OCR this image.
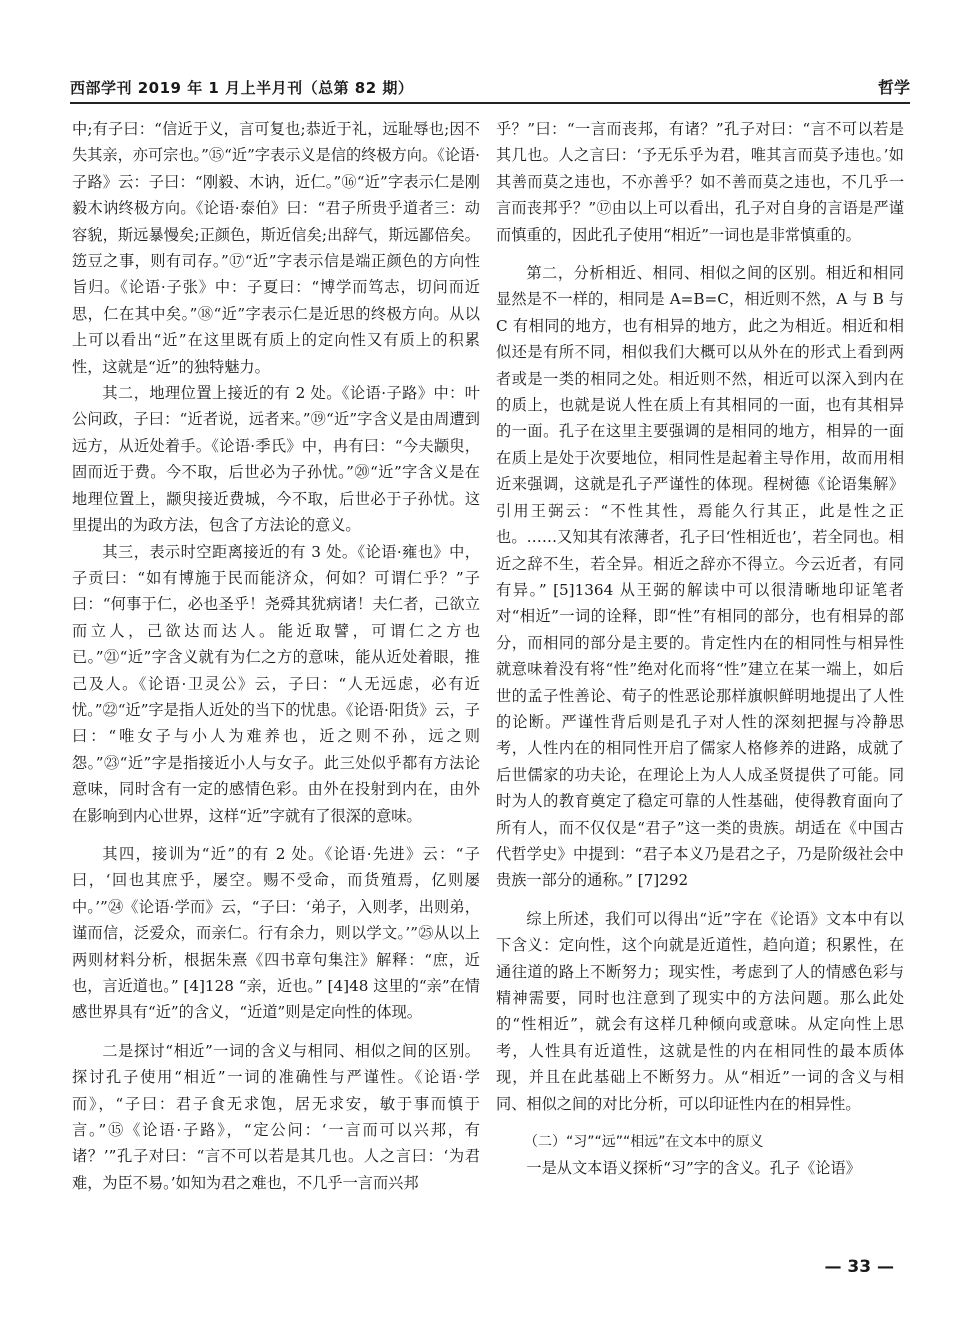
西部学刊 2019 年 1 月上半月刊（总第 82 期）	哲学

中;有子曰：“信近于义，言可复也;恭近于礼，远耻辱也;因不失其亲，亦可宗也。”⑮“近”字表示义是信的终极方向。《论语·子路》云：子曰：“刚毅、木讷，近仁。”⑯“近”字表示仁是刚毅木讷终极方向。《论语·泰伯》曰：“君子所贵乎道者三：动容貌，斯远暴慢矣;正颜色，斯近信矣;出辞气，斯远鄙倍矣。笾豆之事，则有司存。”⑰“近”字表示信是端正颜色的方向性旨归。《论语·子张》中：子夏曰：“博学而笃志，切问而近思，仁在其中矣。”⑱“近”字表示仁是近思的终极方向。从以上可以看出“近”在这里既有质上的定向性又有质上的积累性，这就是“近”的独特魅力。

其二，地理位置上接近的有 2 处。《论语·子路》中：叶公问政，子曰：“近者说，远者来。”⑲“近”字含义是由周遭到远方，从近处着手。《论语·季氏》中，冉有曰：“今夫颛臾，固而近于费。今不取，后世必为子孙忧。”⑳“近”字含义是在地理位置上，颛臾接近费城，今不取，后世必于子孙忧。这里提出的为政方法，包含了方法论的意义。

其三，表示时空距离接近的有 3 处。《论语·雍也》中，子贡曰：“如有博施于民而能济众，何如？可谓仁乎？”子曰：“何事于仁，必也圣乎！尧舜其犹病诸！夫仁者，己欲立而立人，己欲达而达人。能近取譬，可谓仁之方也已。”㉑“近”字含义就有为仁之方的意味，能从近处着眼，推己及人。《论语·卫灵公》云，子曰：“人无远虑，必有近忧。”㉒“近”字是指人近处的当下的忧患。《论语·阳货》云，子曰：“唯女子与小人为难养也，近之则不孙，远之则怨。”㉓“近”字是指接近小人与女子。此三处似乎都有方法论意味，同时含有一定的感情色彩。由外在投射到内在，由外在影响到内心世界，这样“近”字就有了很深的意味。

其四，接训为“近”的有 2 处。《论语·先进》云：“子曰，‘回也其庶乎，屡空。赐不受命，而货殖焉，亿则屡中。’”㉔《论语·学而》云，“子曰：‘弟子，入则孝，出则弟，谨而信，泛爱众，而亲仁。行有余力，则以学文。’”㉕从以上两则材料分析，根据朱熹《四书章句集注》解释：“庶，近也，言近道也。” [4]128 “亲，近也。” [4]48 这里的“亲”在情感世界具有“近”的含义，“近道”则是定向性的体现。

二是探讨“相近”一词的含义与相同、相似之间的区别。探讨孔子使用“相近”一词的准确性与严谨性。《论语·学而》，“子曰：君子食无求饱，居无求安，敏于事而慎于言。”⑮《论语·子路》，“定公问：‘一言而可以兴邦，有诸？’”孔子对曰：“言不可以若是其几也。人之言曰：‘为君难，为臣不易。’如知为君之难也，不几乎一言而兴邦

乎？”曰：“一言而丧邦，有诸？”孔子对曰：“言不可以若是其几也。人之言曰：‘予无乐乎为君，唯其言而莫予违也。’如其善而莫之违也，不亦善乎？如不善而莫之违也，不几乎一言而丧邦乎？”⑰由以上可以看出，孔子对自身的言语是严谨而慎重的，因此孔子使用“相近”一词也是非常慎重的。

第二，分析相近、相同、相似之间的区别。相近和相同显然是不一样的，相同是 A=B=C，相近则不然，A 与 B 与 C 有相同的地方，也有相异的地方，此之为相近。相近和相似还是有所不同，相似我们大概可以从外在的形式上看到两者或是一类的相同之处。相近则不然，相近可以深入到内在的质上，也就是说人性在质上有其相同的一面，也有其相异的一面。孔子在这里主要强调的是相同的地方，相异的一面在质上是处于次要地位，相同性是起着主导作用，故而用相近来强调，这就是孔子严谨性的体现。程树德《论语集解》引用王弼云：“不性其性，焉能久行其正，此是性之正也。……又知其有浓薄者，孔子曰‘性相近也’，若全同也。相近之辞不生，若全异。相近之辞亦不得立。今云近者，有同有异。” [5]1364 从王弼的解读中可以很清晰地印证笔者对“相近”一词的诠释，即“性”有相同的部分，也有相异的部分，而相同的部分是主要的。肯定性内在的相同性与相异性就意味着没有将“性”绝对化而将“性”建立在某一端上，如后世的孟子性善论、荀子的性恶论那样旗帜鲜明地提出了人性的论断。严谨性背后则是孔子对人性的深刻把握与冷静思考，人性内在的相同性开启了儒家人格修养的进路，成就了后世儒家的功夫论，在理论上为人人成圣贤提供了可能。同时为人的教育奠定了稳定可靠的人性基础，使得教育面向了所有人，而不仅仅是“君子”这一类的贵族。胡适在《中国古代哲学史》中提到：“君子本义乃是君之子，乃是阶级社会中贵族一部分的通称。” [7]292

综上所述，我们可以得出“近”字在《论语》文本中有以下含义：定向性，这个向就是近道性，趋向道；积累性，在通往道的路上不断努力；现实性，考虑到了人的情感色彩与精神需要，同时也注意到了现实中的方法问题。那么此处的“性相近”，就会有这样几种倾向或意味。从定向性上思考，人性具有近道性，这就是性的内在相同性的最本质体现，并且在此基础上不断努力。从“相近”一词的含义与相同、相似之间的对比分析，可以印证性内在的相异性。

（二）“习”“远”“相远”在文本中的原义

一是从文本语义探析“习”字的含义。孔子《论语》

— 33 —
